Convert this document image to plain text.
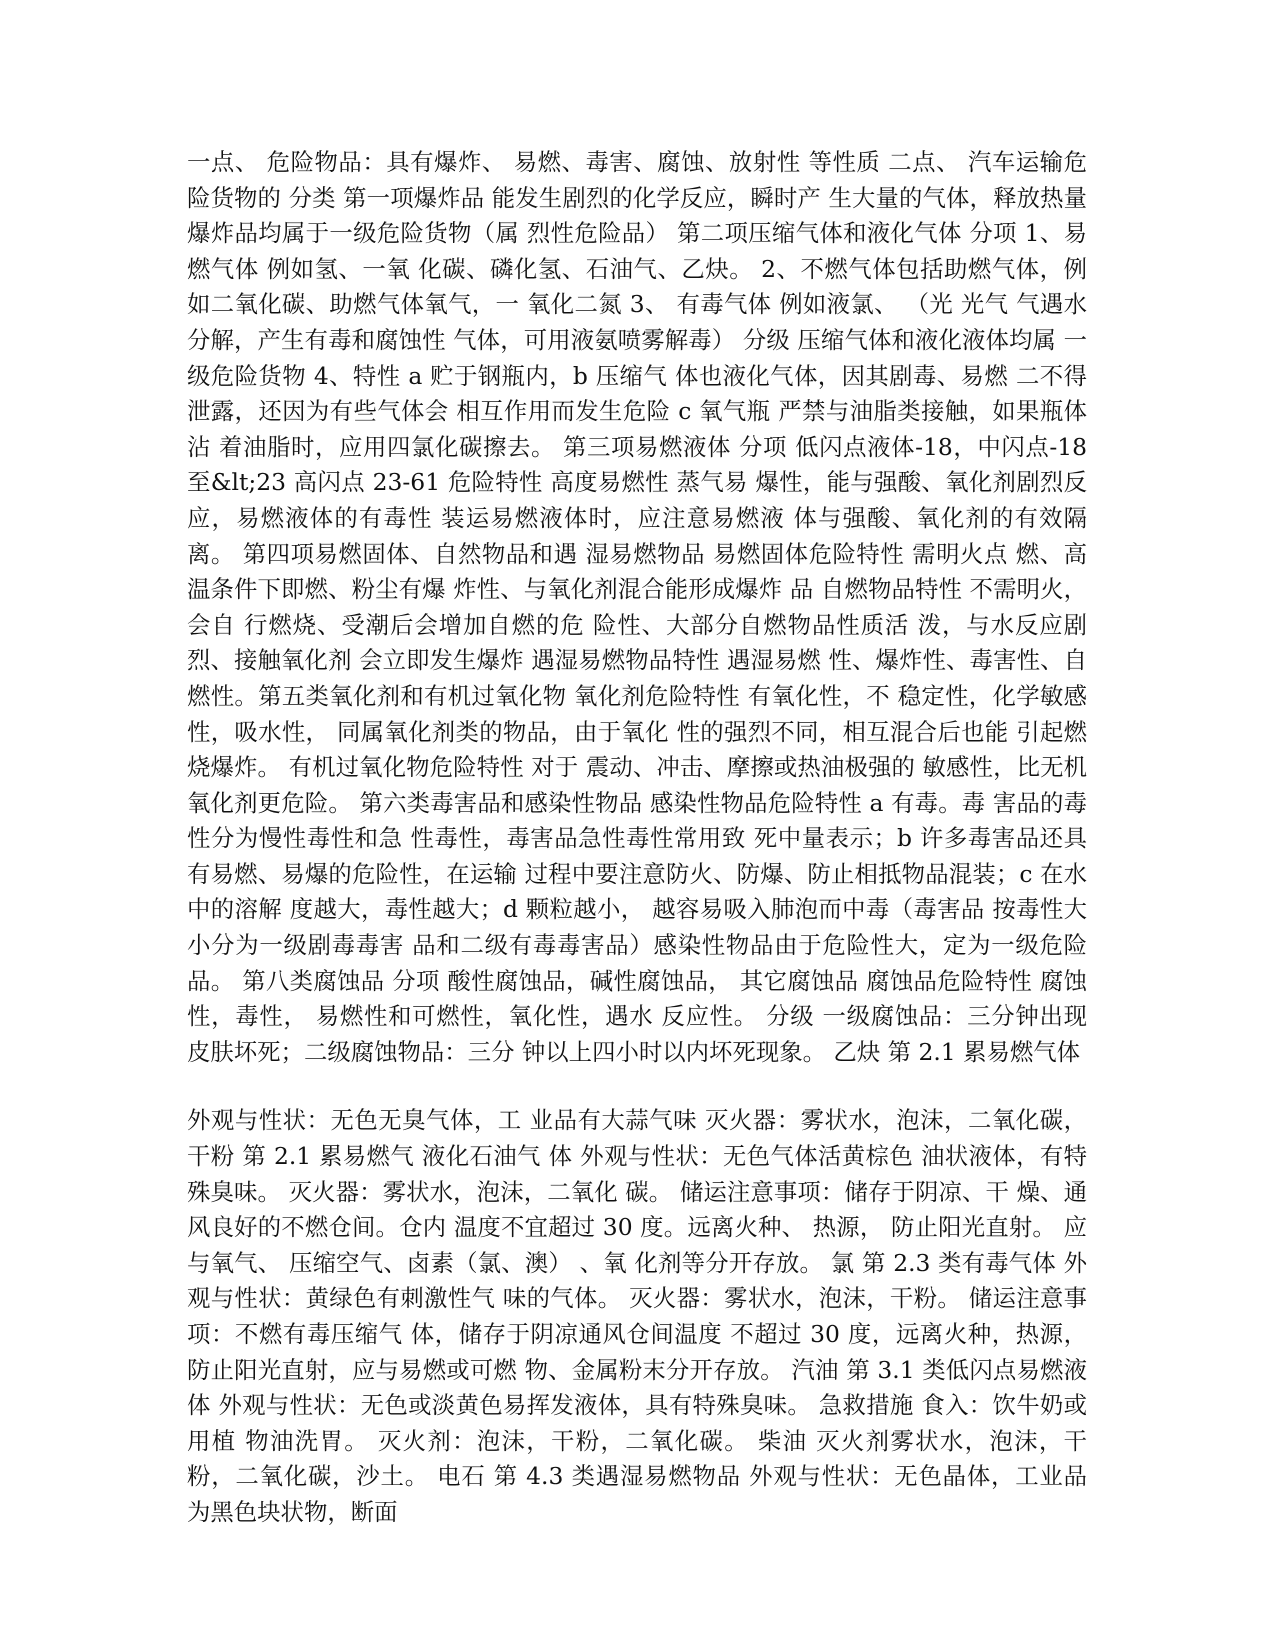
一点、 危险物品：具有爆炸、 易燃、毒害、腐蚀、放射性 等性质 二点、 汽车运输危险货物的 分类 第一项爆炸品 能发生剧烈的化学反应，瞬时产 生大量的气体，释放热量 爆炸品均属于一级危险货物（属 烈性危险品） 第二项压缩气体和液化气体 分项 1、易燃气体 例如氢、一氧 化碳、磷化氢、石油气、乙炔。 2、不燃气体包括助燃气体，例 如二氧化碳、助燃气体氧气，一 氧化二氮 3、 有毒气体 例如液氯、 （光 光气 气遇水分解，产生有毒和腐蚀性 气体，可用液氨喷雾解毒） 分级 压缩气体和液化液体均属 一级危险货物 4、特性 a 贮于钢瓶内，b 压缩气 体也液化气体，因其剧毒、易燃 二不得泄露，还因为有些气体会 相互作用而发生危险 c 氧气瓶 严禁与油脂类接触，如果瓶体沾 着油脂时，应用四氯化碳擦去。 第三项易燃液体 分项 低闪点液体-18，中闪点-18 至&lt;23 高闪点 23-61 危险特性 高度易燃性 蒸气易 爆性，能与强酸、氧化剂剧烈反 应，易燃液体的有毒性 装运易燃液体时，应注意易燃液 体与强酸、氧化剂的有效隔离。 第四项易燃固体、自然物品和遇 湿易燃物品 易燃固体危险特性 需明火点 燃、高温条件下即燃、粉尘有爆 炸性、与氧化剂混合能形成爆炸 品 自燃物品特性 不需明火，会自 行燃烧、受潮后会增加自燃的危 险性、大部分自燃物品性质活 泼，与水反应剧烈、接触氧化剂 会立即发生爆炸 遇湿易燃物品特性 遇湿易燃 性、爆炸性、毒害性、自燃性。第五类氧化剂和有机过氧化物 氧化剂危险特性 有氧化性，不 稳定性，化学敏感性，吸水性， 同属氧化剂类的物品，由于氧化 性的强烈不同，相互混合后也能 引起燃烧爆炸。 有机过氧化物危险特性 对于 震动、冲击、摩擦或热油极强的 敏感性，比无机氧化剂更危险。 第六类毒害品和感染性物品 感染性物品危险特性 a 有毒。毒 害品的毒性分为慢性毒性和急 性毒性，毒害品急性毒性常用致 死中量表示；b 许多毒害品还具 有易燃、易爆的危险性，在运输 过程中要注意防火、防爆、防止相抵物品混装；c 在水中的溶解 度越大，毒性越大；d 颗粒越小， 越容易吸入肺泡而中毒（毒害品 按毒性大小分为一级剧毒毒害 品和二级有毒毒害品）感染性物品由于危险性大，定为一级危险 品。 第八类腐蚀品 分项 酸性腐蚀品，碱性腐蚀品， 其它腐蚀品 腐蚀品危险特性 腐蚀性，毒性， 易燃性和可燃性，氧化性，遇水 反应性。 分级 一级腐蚀品：三分钟出现 皮肤坏死；二级腐蚀物品：三分 钟以上四小时以内坏死现象。 乙炔 第 2.1 累易燃气体

外观与性状：无色无臭气体，工 业品有大蒜气味 灭火器：雾状水，泡沫，二氧化碳，干粉 第 2.1 累易燃气 液化石油气 体 外观与性状：无色气体活黄棕色 油状液体，有特殊臭味。 灭火器：雾状水，泡沫，二氧化 碳。 储运注意事项：储存于阴凉、干 燥、通风良好的不燃仓间。仓内 温度不宜超过 30 度。远离火种、 热源， 防止阳光直射。 应与氧气、 压缩空气、卤素（氯、澳） 、氧 化剂等分开存放。 氯 第 2.3 类有毒气体 外观与性状：黄绿色有刺激性气 味的气体。 灭火器：雾状水，泡沫，干粉。 储运注意事项：不燃有毒压缩气 体，储存于阴凉通风仓间温度 不超过 30 度，远离火种，热源， 防止阳光直射，应与易燃或可燃 物、金属粉末分开存放。 汽油 第 3.1 类低闪点易燃液体 外观与性状：无色或淡黄色易挥发液体，具有特殊臭味。 急救措施 食入：饮牛奶或用植 物油洗胃。 灭火剂：泡沫，干粉，二氧化碳。 柴油 灭火剂雾状水，泡沫，干 粉，二氧化碳，沙土。 电石 第 4.3 类遇湿易燃物品 外观与性状：无色晶体，工业品 为黑色块状物，断面
